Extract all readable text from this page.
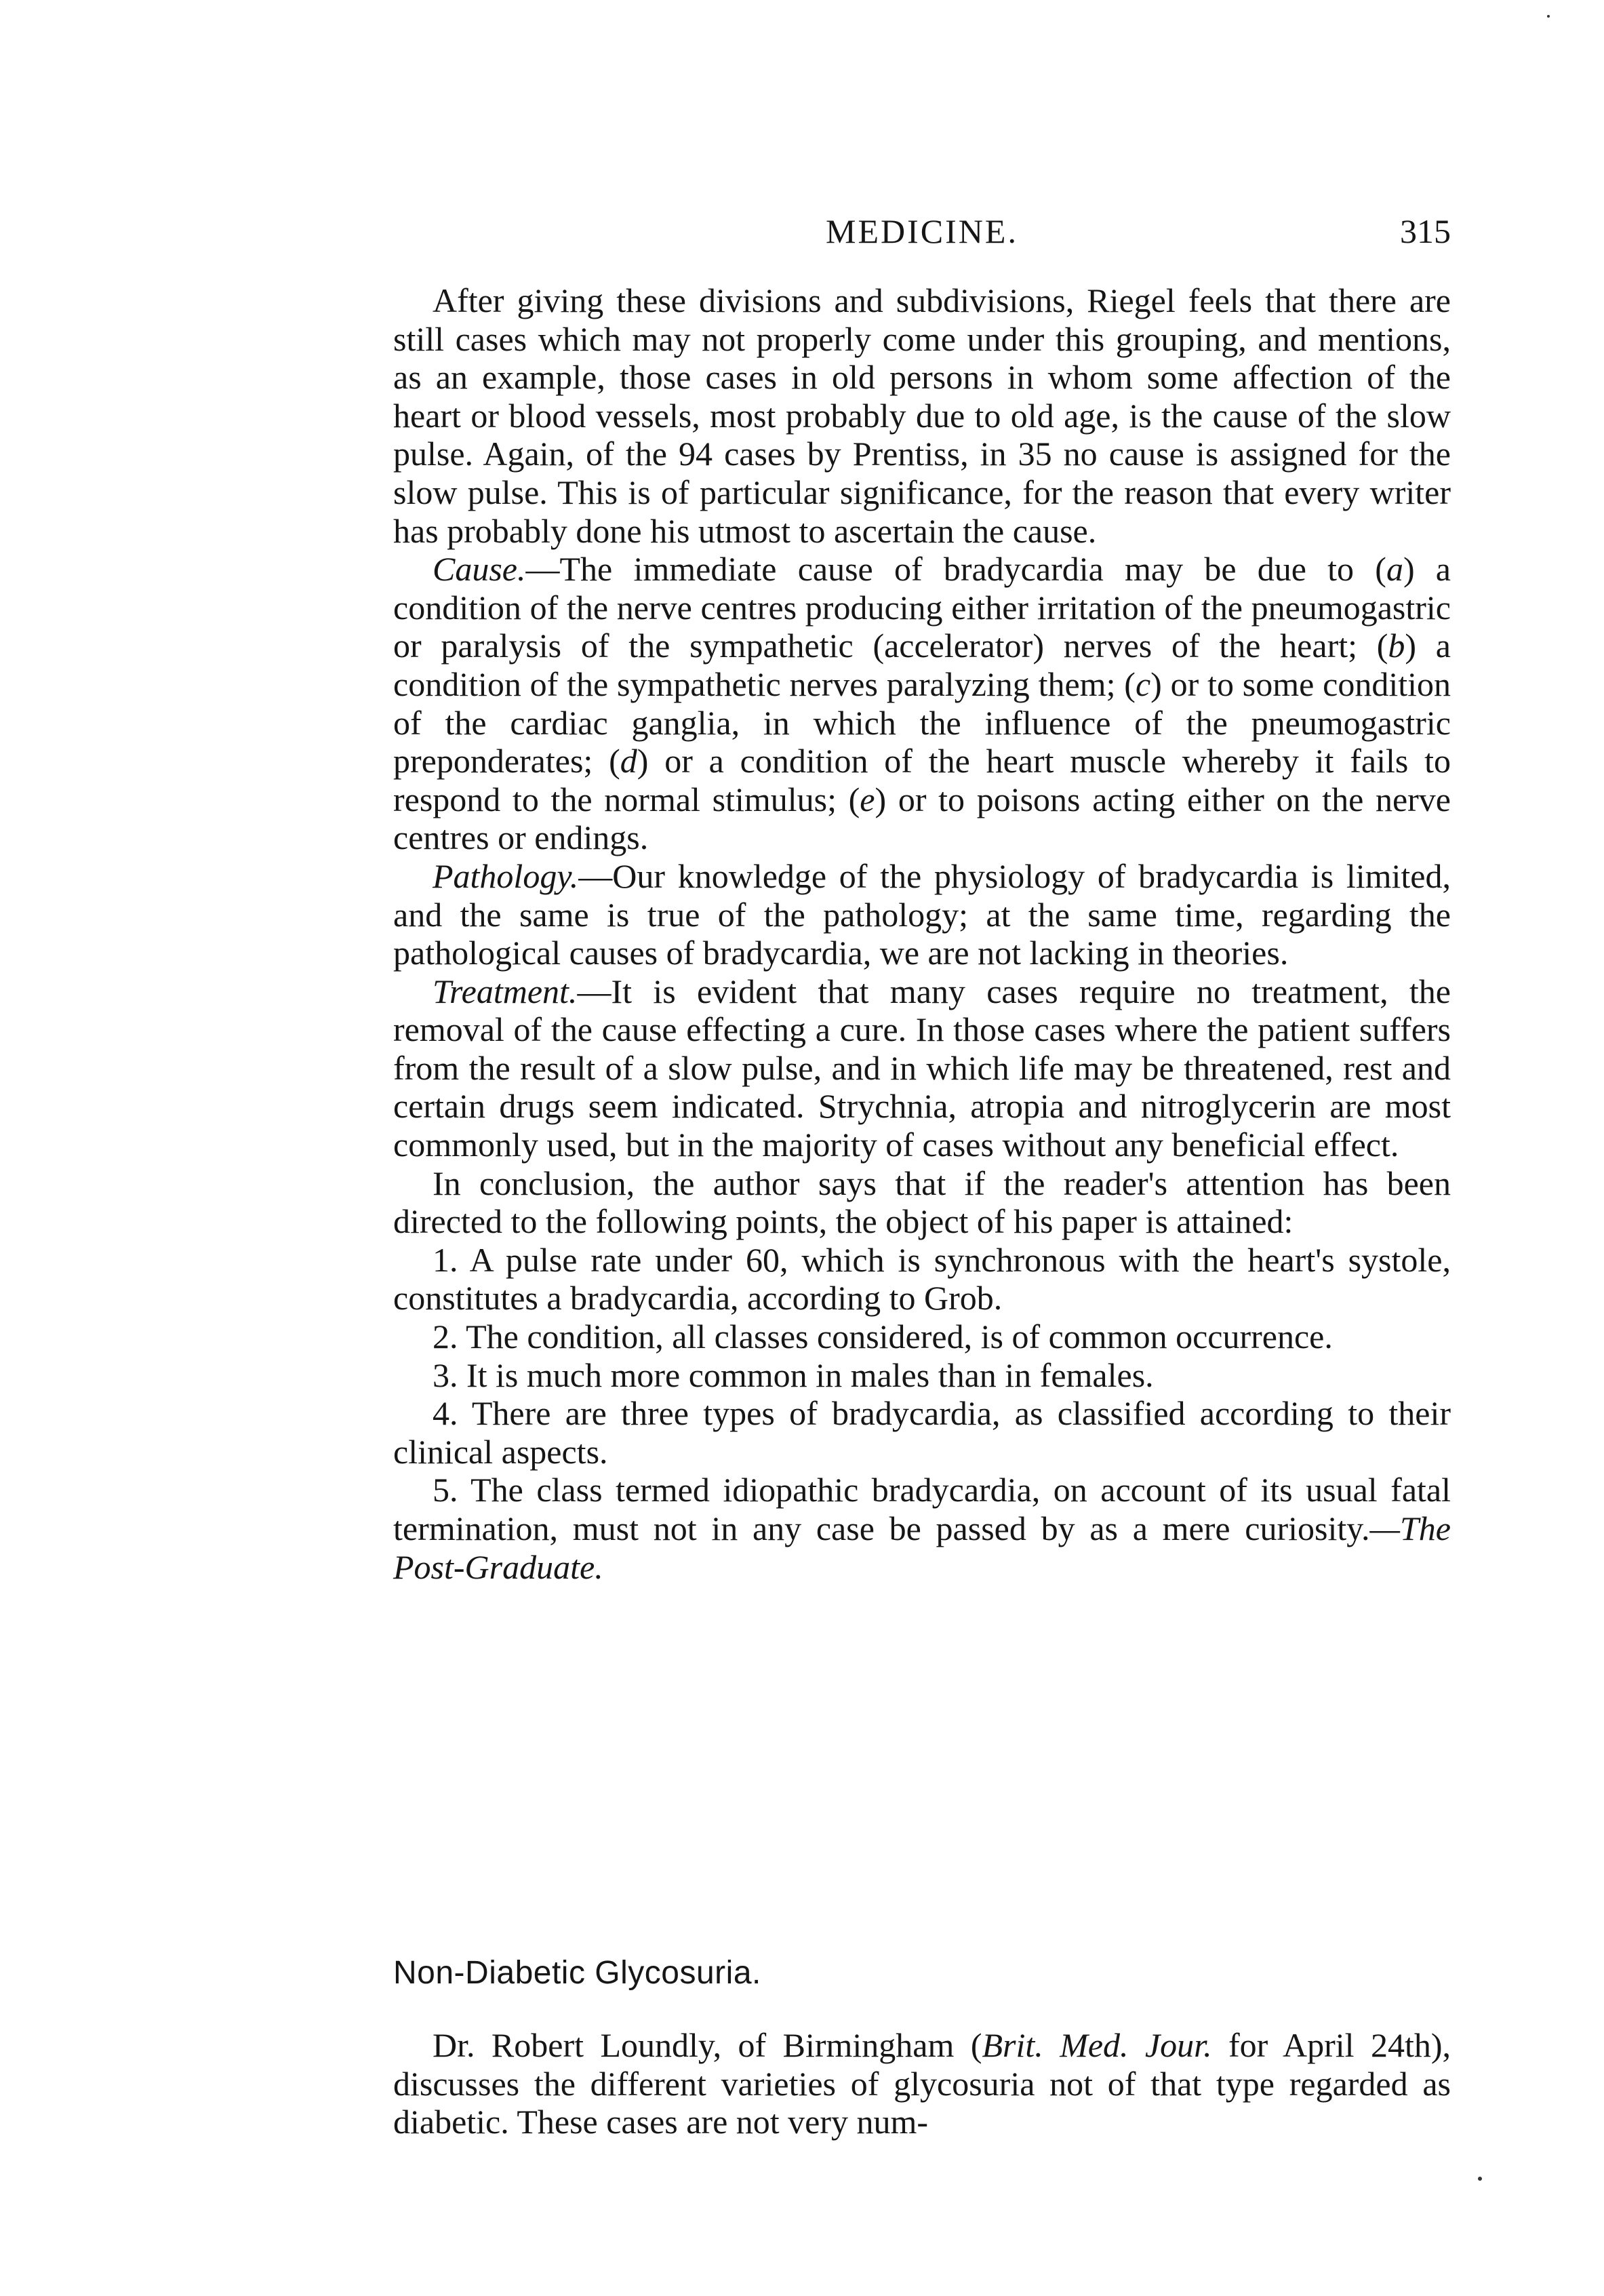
MEDICINE.	315

After giving these divisions and subdivisions, Riegel feels that there are still cases which may not properly come under this grouping, and mentions, as an example, those cases in old persons in whom some affection of the heart or blood vessels, most probably due to old age, is the cause of the slow pulse. Again, of the 94 cases by Prentiss, in 35 no cause is assigned for the slow pulse. This is of particular significance, for the reason that every writer has probably done his utmost to ascertain the cause.

Cause.—The immediate cause of bradycardia may be due to (a) a condition of the nerve centres producing either irritation of the pneumogastric or paralysis of the sympathetic (accelerator) nerves of the heart; (b) a condition of the sympathetic nerves paralyzing them; (c) or to some condition of the cardiac ganglia, in which the influence of the pneumogastric preponderates; (d) or a condition of the heart muscle whereby it fails to respond to the normal stimulus; (e) or to poisons acting either on the nerve centres or endings.

Pathology.—Our knowledge of the physiology of bradycardia is limited, and the same is true of the pathology; at the same time, regarding the pathological causes of bradycardia, we are not lacking in theories.

Treatment.—It is evident that many cases require no treatment, the removal of the cause effecting a cure. In those cases where the patient suffers from the result of a slow pulse, and in which life may be threatened, rest and certain drugs seem indicated. Strychnia, atropia and nitroglycerin are most commonly used, but in the majority of cases without any beneficial effect.

In conclusion, the author says that if the reader's attention has been directed to the following points, the object of his paper is attained:

1. A pulse rate under 60, which is synchronous with the heart's systole, constitutes a bradycardia, according to Grob.

2. The condition, all classes considered, is of common occurrence.

3. It is much more common in males than in females.

4. There are three types of bradycardia, as classified according to their clinical aspects.

5. The class termed idiopathic bradycardia, on account of its usual fatal termination, must not in any case be passed by as a mere curiosity.—The Post-Graduate.

Non-Diabetic Glycosuria.

Dr. Robert Loundly, of Birmingham (Brit. Med. Jour. for April 24th), discusses the different varieties of glycosuria not of that type regarded as diabetic. These cases are not very num-
